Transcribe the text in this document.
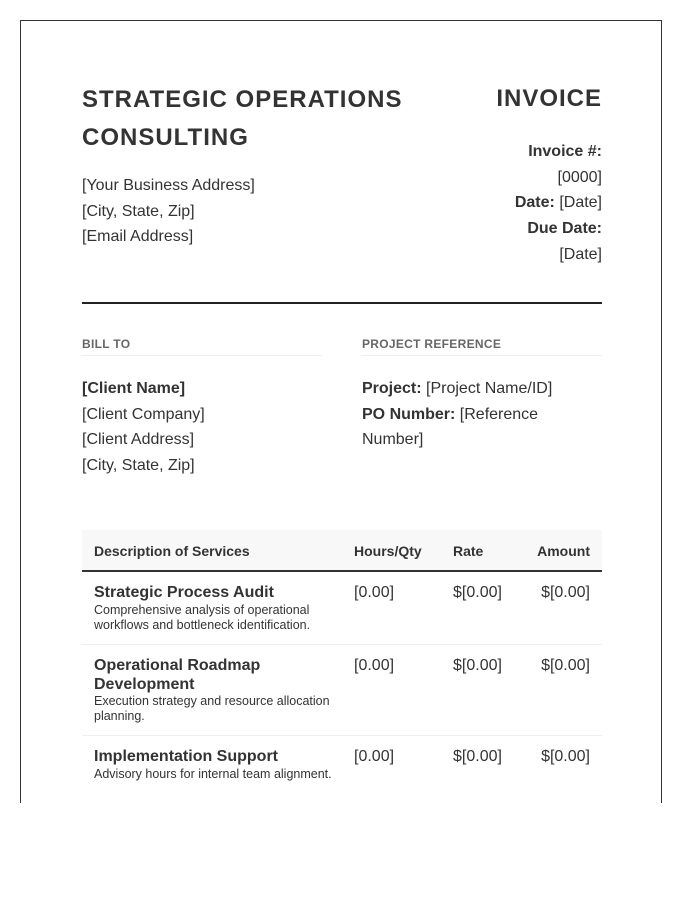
STRATEGIC OPERATIONS
CONSULTING
[Your Business Address]
[City, State, Zip]
[Email Address]
INVOICE
Invoice #:
[0000]
Date: [Date]
Due Date:
[Date]
BILL TO
[Client Name]
[Client Company]
[Client Address]
[City, State, Zip]
PROJECT REFERENCE
Project: [Project Name/ID]
PO Number: [Reference Number]
Description of Services	Hours/Qty Rate	Amount
Strategic Process Audit
Comprehensive analysis of operational workflows and bottleneck identification.
[0.00]	$[0.00] $[0.00]
Operational Roadmap Development
Execution strategy and resource allocation planning.
[0.00]	$[0.00] $[0.00]
Implementation Support
Advisory hours for internal team alignment.
[0.00]	$[0.00] $[0.00]
